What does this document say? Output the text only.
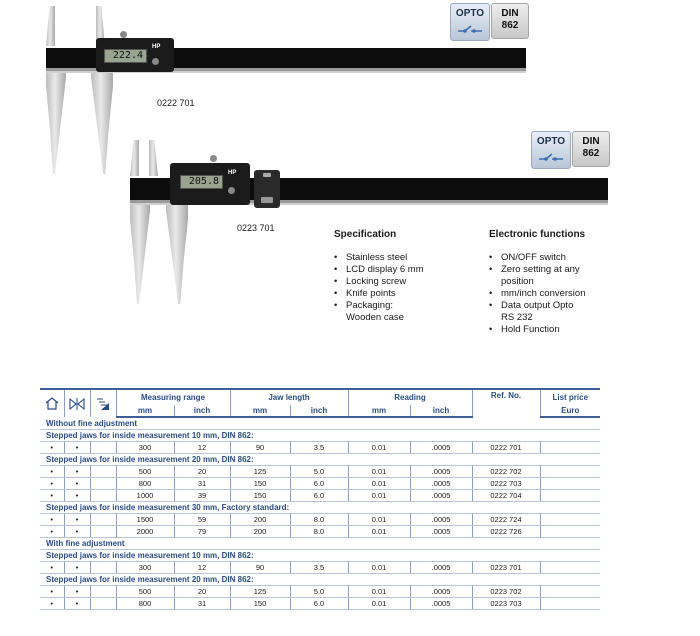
222.4
HP
0222 701
OPTO	DIN
862
205.8
HP
0223 701
OPTO	DIN
862
Specification
• Stainless steel
• LCD display 6 mm
• Locking screw
• Knife points
• Packaging:
Wooden case
Electronic functions
• ON/OFF switch
• Zero setting at any
position
• mm/inch conversion
• Data output Opto
RS 232
• Hold Function
			Measuring range		Jaw length		Reading		Ref. No.	List price
			mm	inch	mm	inch	mm	inch		Euro
Without fine adjustment										
Stepped jaws for inside measurement 10 mm, DIN 862:										
•	•		300	12	90	3.5	0.01	.0005	0222 701	
Stepped jaws for inside measurement 20 mm, DIN 862:										
•	•		500	20	125	5.0	0.01	.0005	0222 702	
•	•		800	31	150	6.0	0.01	.0005	0222 703	
•	•		1000	39	150	6.0	0.01	.0005	0222 704	
Stepped jaws for inside measurement 30 mm, Factory standard:										
•	•		1500	59	200	8.0	0.01	.0005	0222 724	
•	•		2000	79	200	8.0	0.01	.0005	0222 726	
With fine adjustment										
Stepped jaws for inside measurement 10 mm, DIN 862:										
•	•		300	12	90	3.5	0.01	.0005	0223 701	
Stepped jaws for inside measurement 20 mm, DIN 862:										
•	•		500	20	125	5.0	0.01	.0005	0223 702	
•	•		800	31	150	6.0	0.01	.0005	0223 703	
